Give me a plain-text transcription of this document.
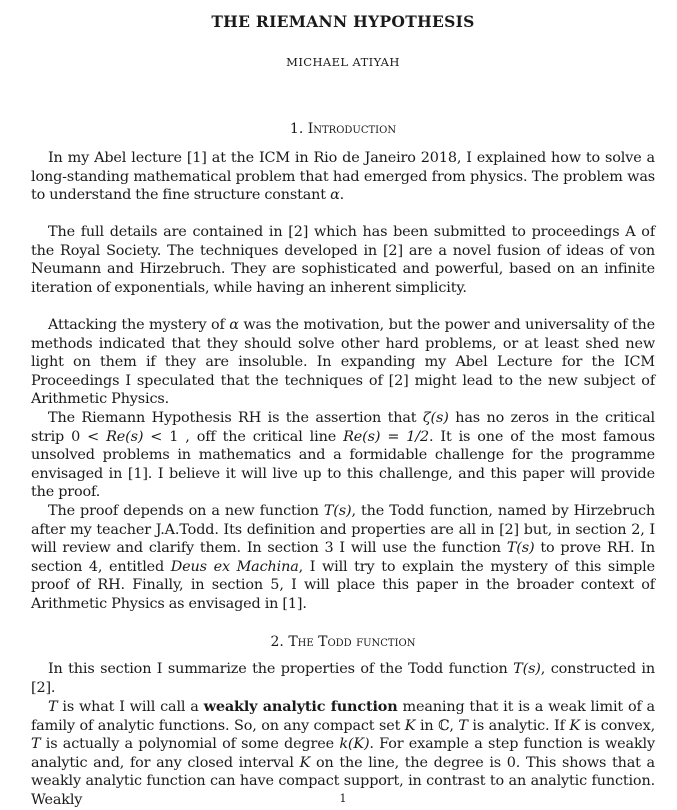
THE RIEMANN HYPOTHESIS
MICHAEL ATIYAH
1. Introduction

In my Abel lecture [1] at the ICM in Rio de Janeiro 2018, I explained how to solve a long-standing mathematical problem that had emerged from physics. The problem was to understand the fine structure constant α.

The full details are contained in [2] which has been submitted to proceedings A of the Royal Society. The techniques developed in [2] are a novel fusion of ideas of von Neumann and Hirzebruch. They are sophisticated and powerful, based on an infinite iteration of exponentials, while having an inherent simplicity.

Attacking the mystery of α was the motivation, but the power and universality of the methods indicated that they should solve other hard problems, or at least shed new light on them if they are insoluble. In expanding my Abel Lecture for the ICM Proceedings I speculated that the techniques of [2] might lead to the new subject of Arithmetic Physics.

The Riemann Hypothesis RH is the assertion that ζ(s) has no zeros in the critical strip 0 < Re(s) < 1 , off the critical line Re(s) = 1/2. It is one of the most famous unsolved problems in mathematics and a formidable challenge for the programme envisaged in [1]. I believe it will live up to this challenge, and this paper will provide the proof.

The proof depends on a new function T(s), the Todd function, named by Hirzebruch after my teacher J.A.Todd. Its definition and properties are all in [2] but, in section 2, I will review and clarify them. In section 3 I will use the function T(s) to prove RH. In section 4, entitled Deus ex Machina, I will try to explain the mystery of this simple proof of RH. Finally, in section 5, I will place this paper in the broader context of Arithmetic Physics as envisaged in [1].

2. The Todd function

In this section I summarize the properties of the Todd function T(s), constructed in [2].

T is what I will call a weakly analytic function meaning that it is a weak limit of a family of analytic functions. So, on any compact set K in ℂ, T is analytic. If K is convex, T is actually a polynomial of some degree k(K). For example a step function is weakly analytic and, for any closed interval K on the line, the degree is 0. This shows that a weakly analytic function can have compact support, in contrast to an analytic function. Weakly	1
